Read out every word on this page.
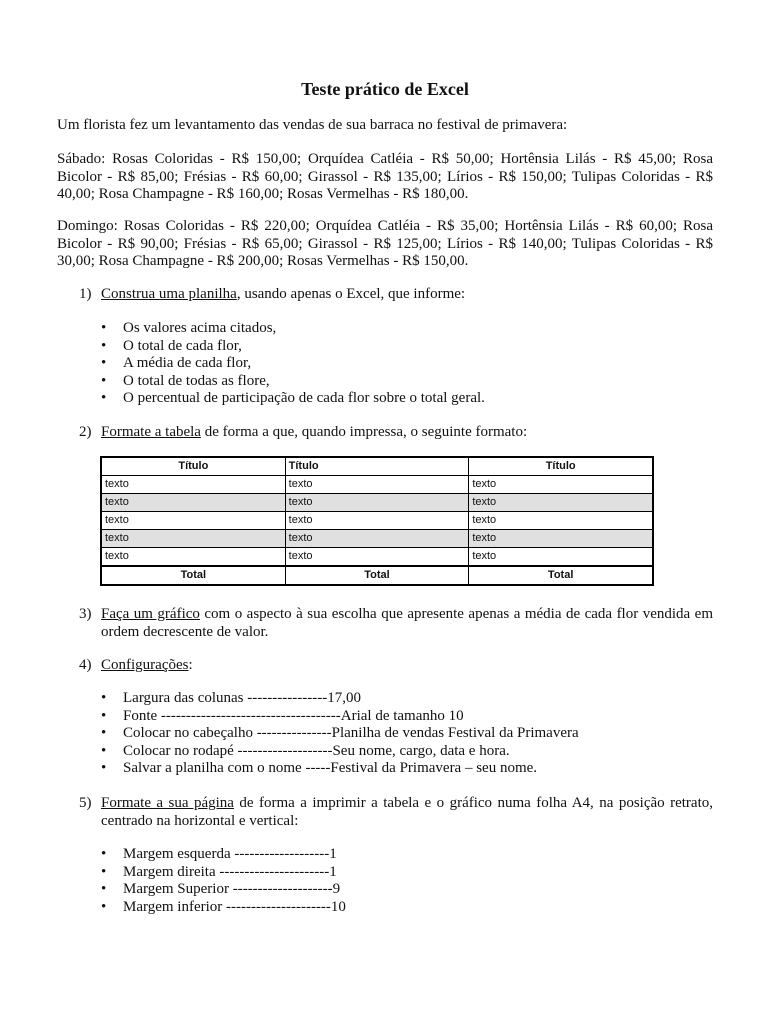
Teste prático de Excel
Um florista fez um levantamento das vendas de sua barraca no festival de primavera:
Sábado: Rosas Coloridas - R$ 150,00; Orquídea Catléia - R$ 50,00; Hortênsia Lilás - R$ 45,00; Rosa Bicolor - R$ 85,00; Frésias - R$ 60,00; Girassol - R$ 135,00; Lírios - R$ 150,00; Tulipas Coloridas - R$ 40,00; Rosa Champagne - R$ 160,00; Rosas Vermelhas - R$ 180,00.
Domingo: Rosas Coloridas - R$ 220,00; Orquídea Catléia - R$ 35,00; Hortênsia Lilás - R$ 60,00; Rosa Bicolor - R$ 90,00; Frésias - R$ 65,00; Girassol - R$ 125,00; Lírios - R$ 140,00; Tulipas Coloridas - R$ 30,00; Rosa Champagne - R$ 200,00; Rosas Vermelhas - R$ 150,00.
1) Construa uma planilha, usando apenas o Excel, que informe:
• Os valores acima citados,
• O total de cada flor,
• A média de cada flor,
• O total de todas as flore,
• O percentual de participação de cada flor sobre o total geral.
2) Formate a tabela de forma a que, quando impressa, o seguinte formato:
Título	Título	Título
texto	texto	texto
texto	texto	texto
texto	texto	texto
texto	texto	texto
texto	texto	texto
Total	Total	Total
3) Faça um gráfico com o aspecto à sua escolha que apresente apenas a média de cada flor vendida em ordem decrescente de valor.
4) Configurações:
• Largura das colunas ----------------17,00
• Fonte ------------------------------------Arial de tamanho 10
• Colocar no cabeçalho ---------------Planilha de vendas Festival da Primavera
• Colocar no rodapé -------------------Seu nome, cargo, data e hora.
• Salvar a planilha com o nome -----Festival da Primavera – seu nome.
5) Formate a sua página de forma a imprimir a tabela e o gráfico numa folha A4, na posição retrato, centrado na horizontal e vertical:
• Margem esquerda -------------------1
• Margem direita ----------------------1
• Margem Superior --------------------9
• Margem inferior ---------------------10
